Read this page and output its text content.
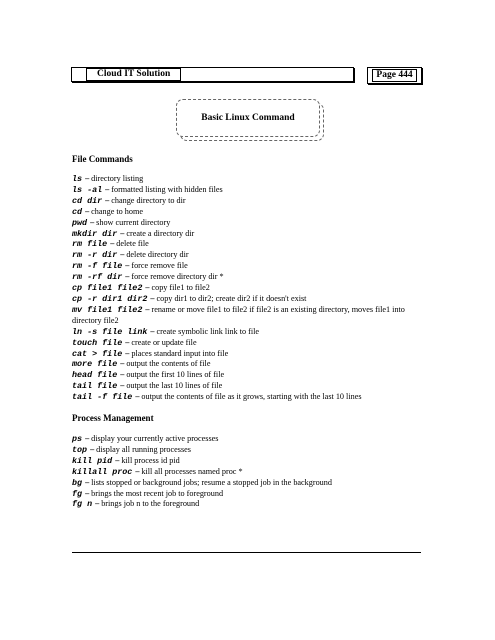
Cloud IT Solution	Page 444
Basic Linux Command
File Commands
ls – directory listing
ls -al – formatted listing with hidden files
cd dir – change directory to dir
cd – change to home
pwd – show current directory
mkdir dir – create a directory dir
rm file – delete file
rm -r dir – delete directory dir
rm -f file – force remove file
rm -rf dir – force remove directory dir *
cp file1 file2 – copy file1 to file2
cp -r dir1 dir2 – copy dir1 to dir2; create dir2 if it doesn't exist
mv file1 file2 – rename or move file1 to file2 if file2 is an existing directory, moves file1 into directory file2
ln -s file link – create symbolic link link to file
touch file – create or update file
cat > file – places standard input into file
more file – output the contents of file
head file – output the first 10 lines of file
tail file – output the last 10 lines of file
tail -f file – output the contents of file as it grows, starting with the last 10 lines
Process Management
ps – display your currently active processes
top – display all running processes
kill pid – kill process id pid
killall proc – kill all processes named proc *
bg – lists stopped or background jobs; resume a stopped job in the background
fg – brings the most recent job to foreground
fg n – brings job n to the foreground
